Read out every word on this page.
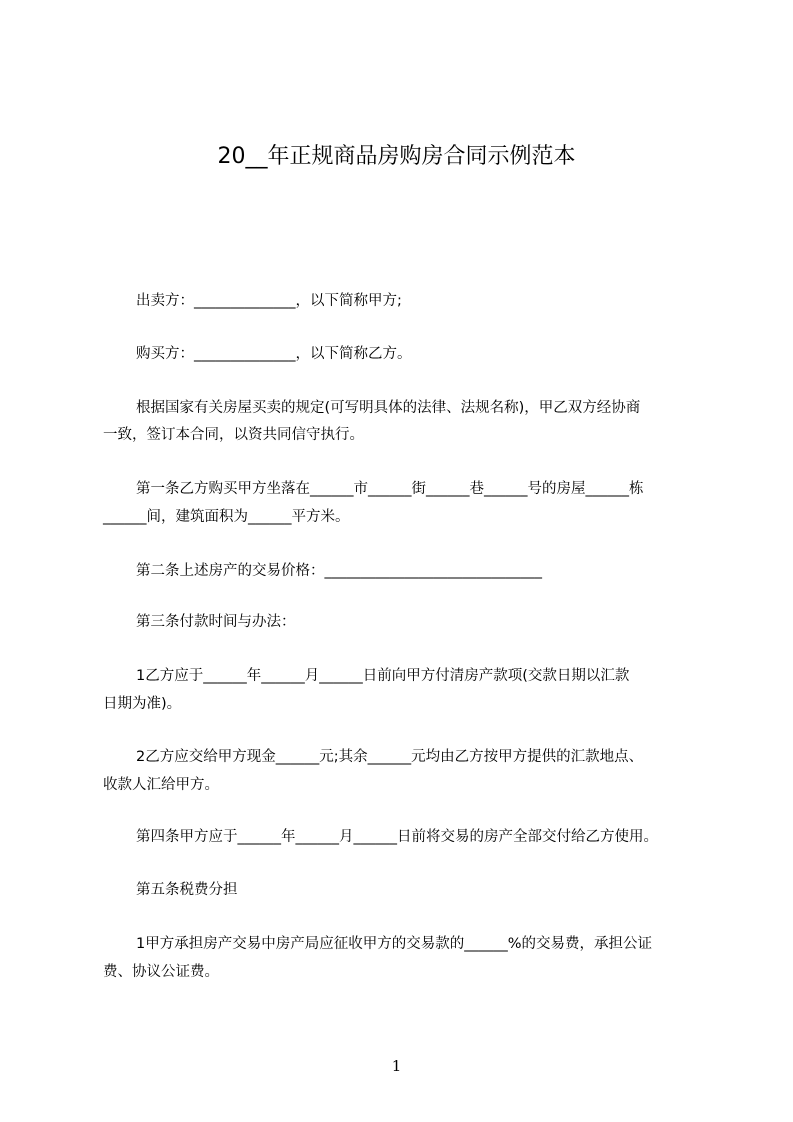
20__年正规商品房购房合同示例范本
出卖方：______________，以下简称甲方;
购买方：______________，以下简称乙方。
根据国家有关房屋买卖的规定(可写明具体的法律、法规名称)，甲乙双方经协商
一致，签订本合同，以资共同信守执行。
第一条乙方购买甲方坐落在______市______街______巷______号的房屋______栋
______间，建筑面积为______平方米。
第二条上述房产的交易价格：______________________________
第三条付款时间与办法：
1乙方应于______年______月______日前向甲方付清房产款项(交款日期以汇款
日期为准)。
2乙方应交给甲方现金______元;其余______元均由乙方按甲方提供的汇款地点、
收款人汇给甲方。
第四条甲方应于______年______月______日前将交易的房产全部交付给乙方使用。
第五条税费分担
1甲方承担房产交易中房产局应征收甲方的交易款的______%的交易费，承担公证
费、协议公证费。
1
